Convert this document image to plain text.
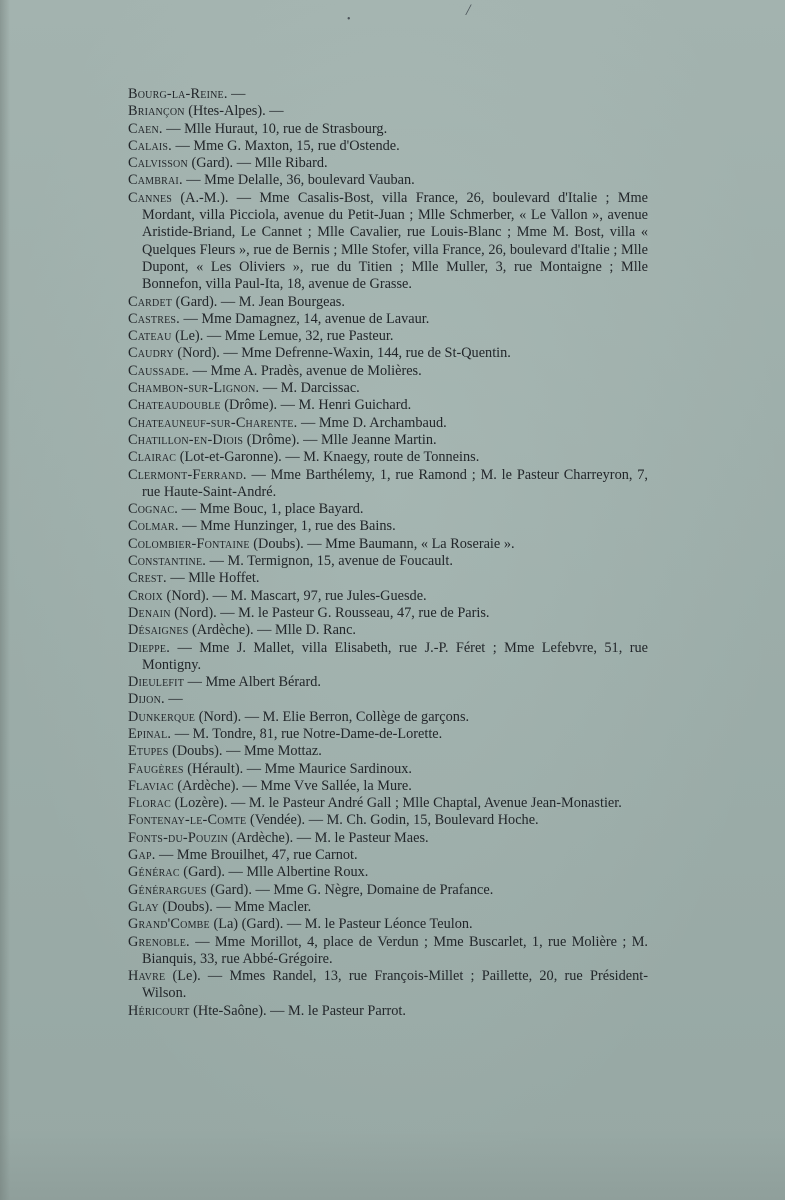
•
/
Bourg-la-Reine. —
Briançon (Htes-Alpes). —
Caen. — Mlle Huraut, 10, rue de Strasbourg.
Calais. — Mme G. Maxton, 15, rue d'Ostende.
Calvisson (Gard). — Mlle Ribard.
Cambrai. — Mme Delalle, 36, boulevard Vauban.
Cannes (A.-M.). — Mme Casalis-Bost, villa France, 26, boulevard d'Italie ; Mme Mordant, villa Picciola, avenue du Petit-Juan ; Mlle Schmerber, « Le Vallon », avenue Aristide-Briand, Le Cannet ; Mlle Cavalier, rue Louis-Blanc ; Mme M. Bost, villa « Quelques Fleurs », rue de Bernis ; Mlle Stofer, villa France, 26, boulevard d'Italie ; Mlle Dupont, « Les Oliviers », rue du Titien ; Mlle Muller, 3, rue Montaigne ; Mlle Bonnefon, villa Paul-Ita, 18, avenue de Grasse.
Cardet (Gard). — M. Jean Bourgeas.
Castres. — Mme Damagnez, 14, avenue de Lavaur.
Cateau (Le). — Mme Lemue, 32, rue Pasteur.
Caudry (Nord). — Mme Defrenne-Waxin, 144, rue de St-Quentin.
Caussade. — Mme A. Pradès, avenue de Molières.
Chambon-sur-Lignon. — M. Darcissac.
Chateaudouble (Drôme). — M. Henri Guichard.
Chateauneuf-sur-Charente. — Mme D. Archambaud.
Chatillon-en-Diois (Drôme). — Mlle Jeanne Martin.
Clairac (Lot-et-Garonne). — M. Knaegy, route de Tonneins.
Clermont-Ferrand. — Mme Barthélemy, 1, rue Ramond ; M. le Pasteur Charreyron, 7, rue Haute-Saint-André.
Cognac. — Mme Bouc, 1, place Bayard.
Colmar. — Mme Hunzinger, 1, rue des Bains.
Colombier-Fontaine (Doubs). — Mme Baumann, « La Roseraie ».
Constantine. — M. Termignon, 15, avenue de Foucault.
Crest. — Mlle Hoffet.
Croix (Nord). — M. Mascart, 97, rue Jules-Guesde.
Denain (Nord). — M. le Pasteur G. Rousseau, 47, rue de Paris.
Désaignes (Ardèche). — Mlle D. Ranc.
Dieppe. — Mme J. Mallet, villa Elisabeth, rue J.-P. Féret ; Mme Lefebvre, 51, rue Montigny.
Dieulefit — Mme Albert Bérard.
Dijon. —
Dunkerque (Nord). — M. Elie Berron, Collège de garçons.
Epinal. — M. Tondre, 81, rue Notre-Dame-de-Lorette.
Etupes (Doubs). — Mme Mottaz.
Faugères (Hérault). — Mme Maurice Sardinoux.
Flaviac (Ardèche). — Mme Vve Sallée, la Mure.
Florac (Lozère). — M. le Pasteur André Gall ; Mlle Chaptal, Avenue Jean-Monastier.
Fontenay-le-Comte (Vendée). — M. Ch. Godin, 15, Boulevard Hoche.
Fonts-du-Pouzin (Ardèche). — M. le Pasteur Maes.
Gap. — Mme Brouilhet, 47, rue Carnot.
Générac (Gard). — Mlle Albertine Roux.
Générargues (Gard). — Mme G. Nègre, Domaine de Prafance.
Glay (Doubs). — Mme Macler.
Grand'Combe (La) (Gard). — M. le Pasteur Léonce Teulon.
Grenoble. — Mme Morillot, 4, place de Verdun ; Mme Buscarlet, 1, rue Molière ; M. Bianquis, 33, rue Abbé-Grégoire.
Havre (Le). — Mmes Randel, 13, rue François-Millet ; Paillette, 20, rue Président-Wilson.
Héricourt (Hte-Saône). — M. le Pasteur Parrot.
